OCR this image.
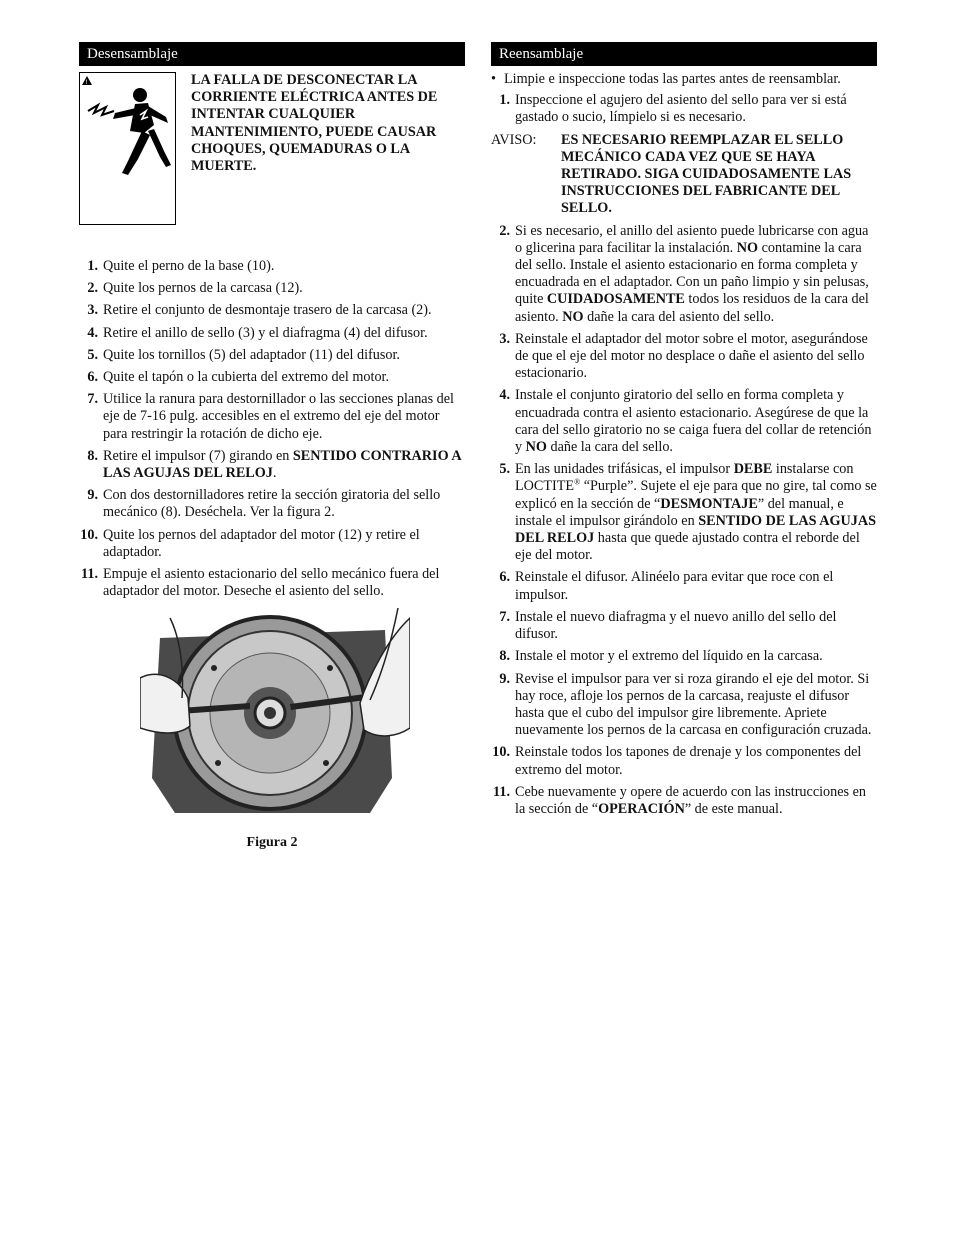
Desensamblaje
!	LA FALLA DE DESCONECTAR LA CORRIENTE ELÉCTRICA ANTES DE INTENTAR CUALQUIER MANTENIMIENTO, PUEDE CAUSAR CHOQUES, QUEMADURAS O LA MUERTE.
1. Quite el perno de la base (10).
2. Quite los pernos de la carcasa (12).
3. Retire el conjunto de desmontaje trasero de la carcasa (2).
4. Retire el anillo de sello (3) y el diafragma (4) del difusor.
5. Quite los tornillos (5) del adaptador (11) del difusor.
6. Quite el tapón o la cubierta del extremo del motor.
7. Utilice la ranura para destornillador o las secciones planas del eje de 7-16 pulg. accesibles en el extremo del eje del motor para restringir la rotación de dicho eje.
8. Retire el impulsor (7) girando en SENTIDO CONTRARIO A LAS AGUJAS DEL RELOJ.
9. Con dos destornilladores retire la sección giratoria del sello mecánico (8). Deséchela. Ver la figura 2.
10. Quite los pernos del adaptador del motor (12) y retire el adaptador.
11. Empuje el asiento estacionario del sello mecánico fuera del adaptador del motor. Deseche el asiento del sello.
Figura 2
Reensamblaje
• Limpie e inspeccione todas las partes antes de reensamblar.
1. Inspeccione el agujero del asiento del sello para ver si está gastado o sucio, límpielo si es necesario.
AVISO: ES NECESARIO REEMPLAZAR EL SELLO MECÁNICO CADA VEZ QUE SE HAYA RETIRADO. SIGA CUIDADOSAMENTE LAS INSTRUCCIONES DEL FABRICANTE DEL SELLO.
2. Si es necesario, el anillo del asiento puede lubricarse con agua o glicerina para facilitar la instalación. NO contamine la cara del sello. Instale el asiento estacionario en forma completa y encuadrada en el adaptador. Con un paño limpio y sin pelusas, quite CUIDADOSAMENTE todos los residuos de la cara del asiento. NO dañe la cara del asiento del sello.
3. Reinstale el adaptador del motor sobre el motor, asegurándose de que el eje del motor no desplace o dañe el asiento del sello estacionario.
4. Instale el conjunto giratorio del sello en forma completa y encuadrada contra el asiento estacionario. Asegúrese de que la cara del sello giratorio no se caiga fuera del collar de retención y NO dañe la cara del sello.
5. En las unidades trifásicas, el impulsor DEBE instalarse con LOCTITE® “Purple”. Sujete el eje para que no gire, tal como se explicó en la sección de “DESMONTAJE” del manual, e instale el impulsor girándolo en SENTIDO DE LAS AGUJAS DEL RELOJ hasta que quede ajustado contra el reborde del eje del motor.
6. Reinstale el difusor. Alinéelo para evitar que roce con el impulsor.
7. Instale el nuevo diafragma y el nuevo anillo del sello del difusor.
8. Instale el motor y el extremo del líquido en la carcasa.
9. Revise el impulsor para ver si roza girando el eje del motor. Si hay roce, afloje los pernos de la carcasa, reajuste el difusor hasta que el cubo del impulsor gire libremente. Apriete nuevamente los pernos de la carcasa en configuración cruzada.
10. Reinstale todos los tapones de drenaje y los componentes del extremo del motor.
11. Cebe nuevamente y opere de acuerdo con las instrucciones en la sección de “OPERACIÓN” de este manual.
